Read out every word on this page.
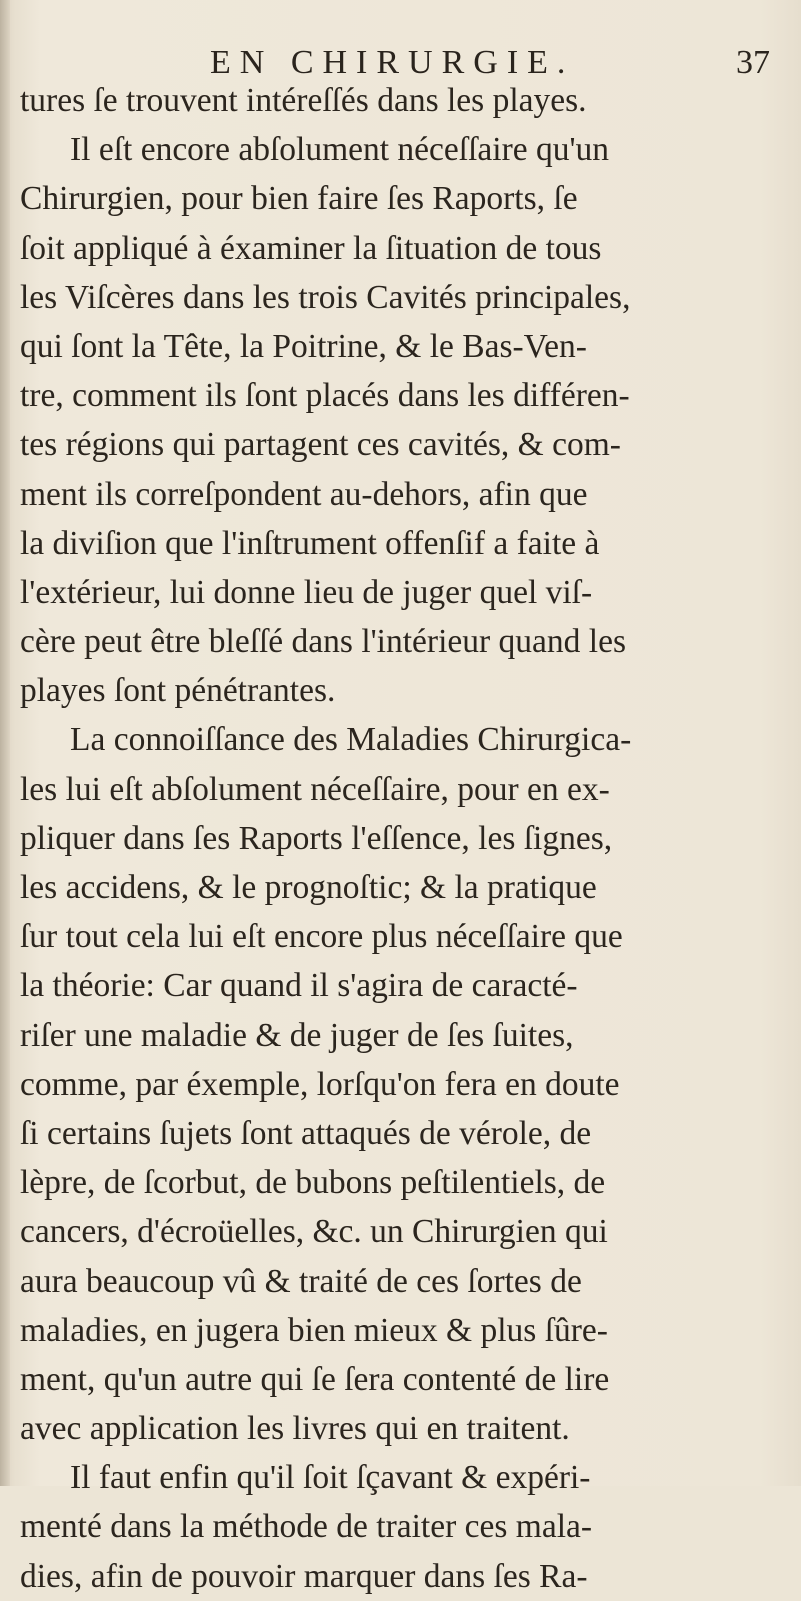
EN CHIRURGIE.	37
tures ſe trouvent intéreſſés dans les playes.
Il eſt encore abſolument néceſſaire qu'un
Chirurgien, pour bien faire ſes Raports, ſe
ſoit appliqué à éxaminer la ſituation de tous
les Viſcères dans les trois Cavités principales,
qui ſont la Tête, la Poitrine, & le Bas-Ven-
tre, comment ils ſont placés dans les différen-
tes régions qui partagent ces cavités, & com-
ment ils correſpondent au-dehors, afin que
la diviſion que l'inſtrument offenſif a faite à
l'extérieur, lui donne lieu de juger quel viſ-
cère peut être bleſſé dans l'intérieur quand les
playes ſont pénétrantes.
La connoiſſance des Maladies Chirurgica-
les lui eſt abſolument néceſſaire, pour en ex-
pliquer dans ſes Raports l'eſſence, les ſignes,
les accidens, & le prognoſtic; & la pratique
ſur tout cela lui eſt encore plus néceſſaire que
la théorie: Car quand il s'agira de caracté-
riſer une maladie & de juger de ſes ſuites,
comme, par éxemple, lorſqu'on fera en doute
ſi certains ſujets ſont attaqués de vérole, de
lèpre, de ſcorbut, de bubons peſtilentiels, de
cancers, d'écroüelles, &c. un Chirurgien qui
aura beaucoup vû & traité de ces ſortes de
maladies, en jugera bien mieux & plus ſûre-
ment, qu'un autre qui ſe ſera contenté de lire
avec application les livres qui en traitent.
Il faut enfin qu'il ſoit ſçavant & expéri-
menté dans la méthode de traiter ces mala-
dies, afin de pouvoir marquer dans ſes Ra-
